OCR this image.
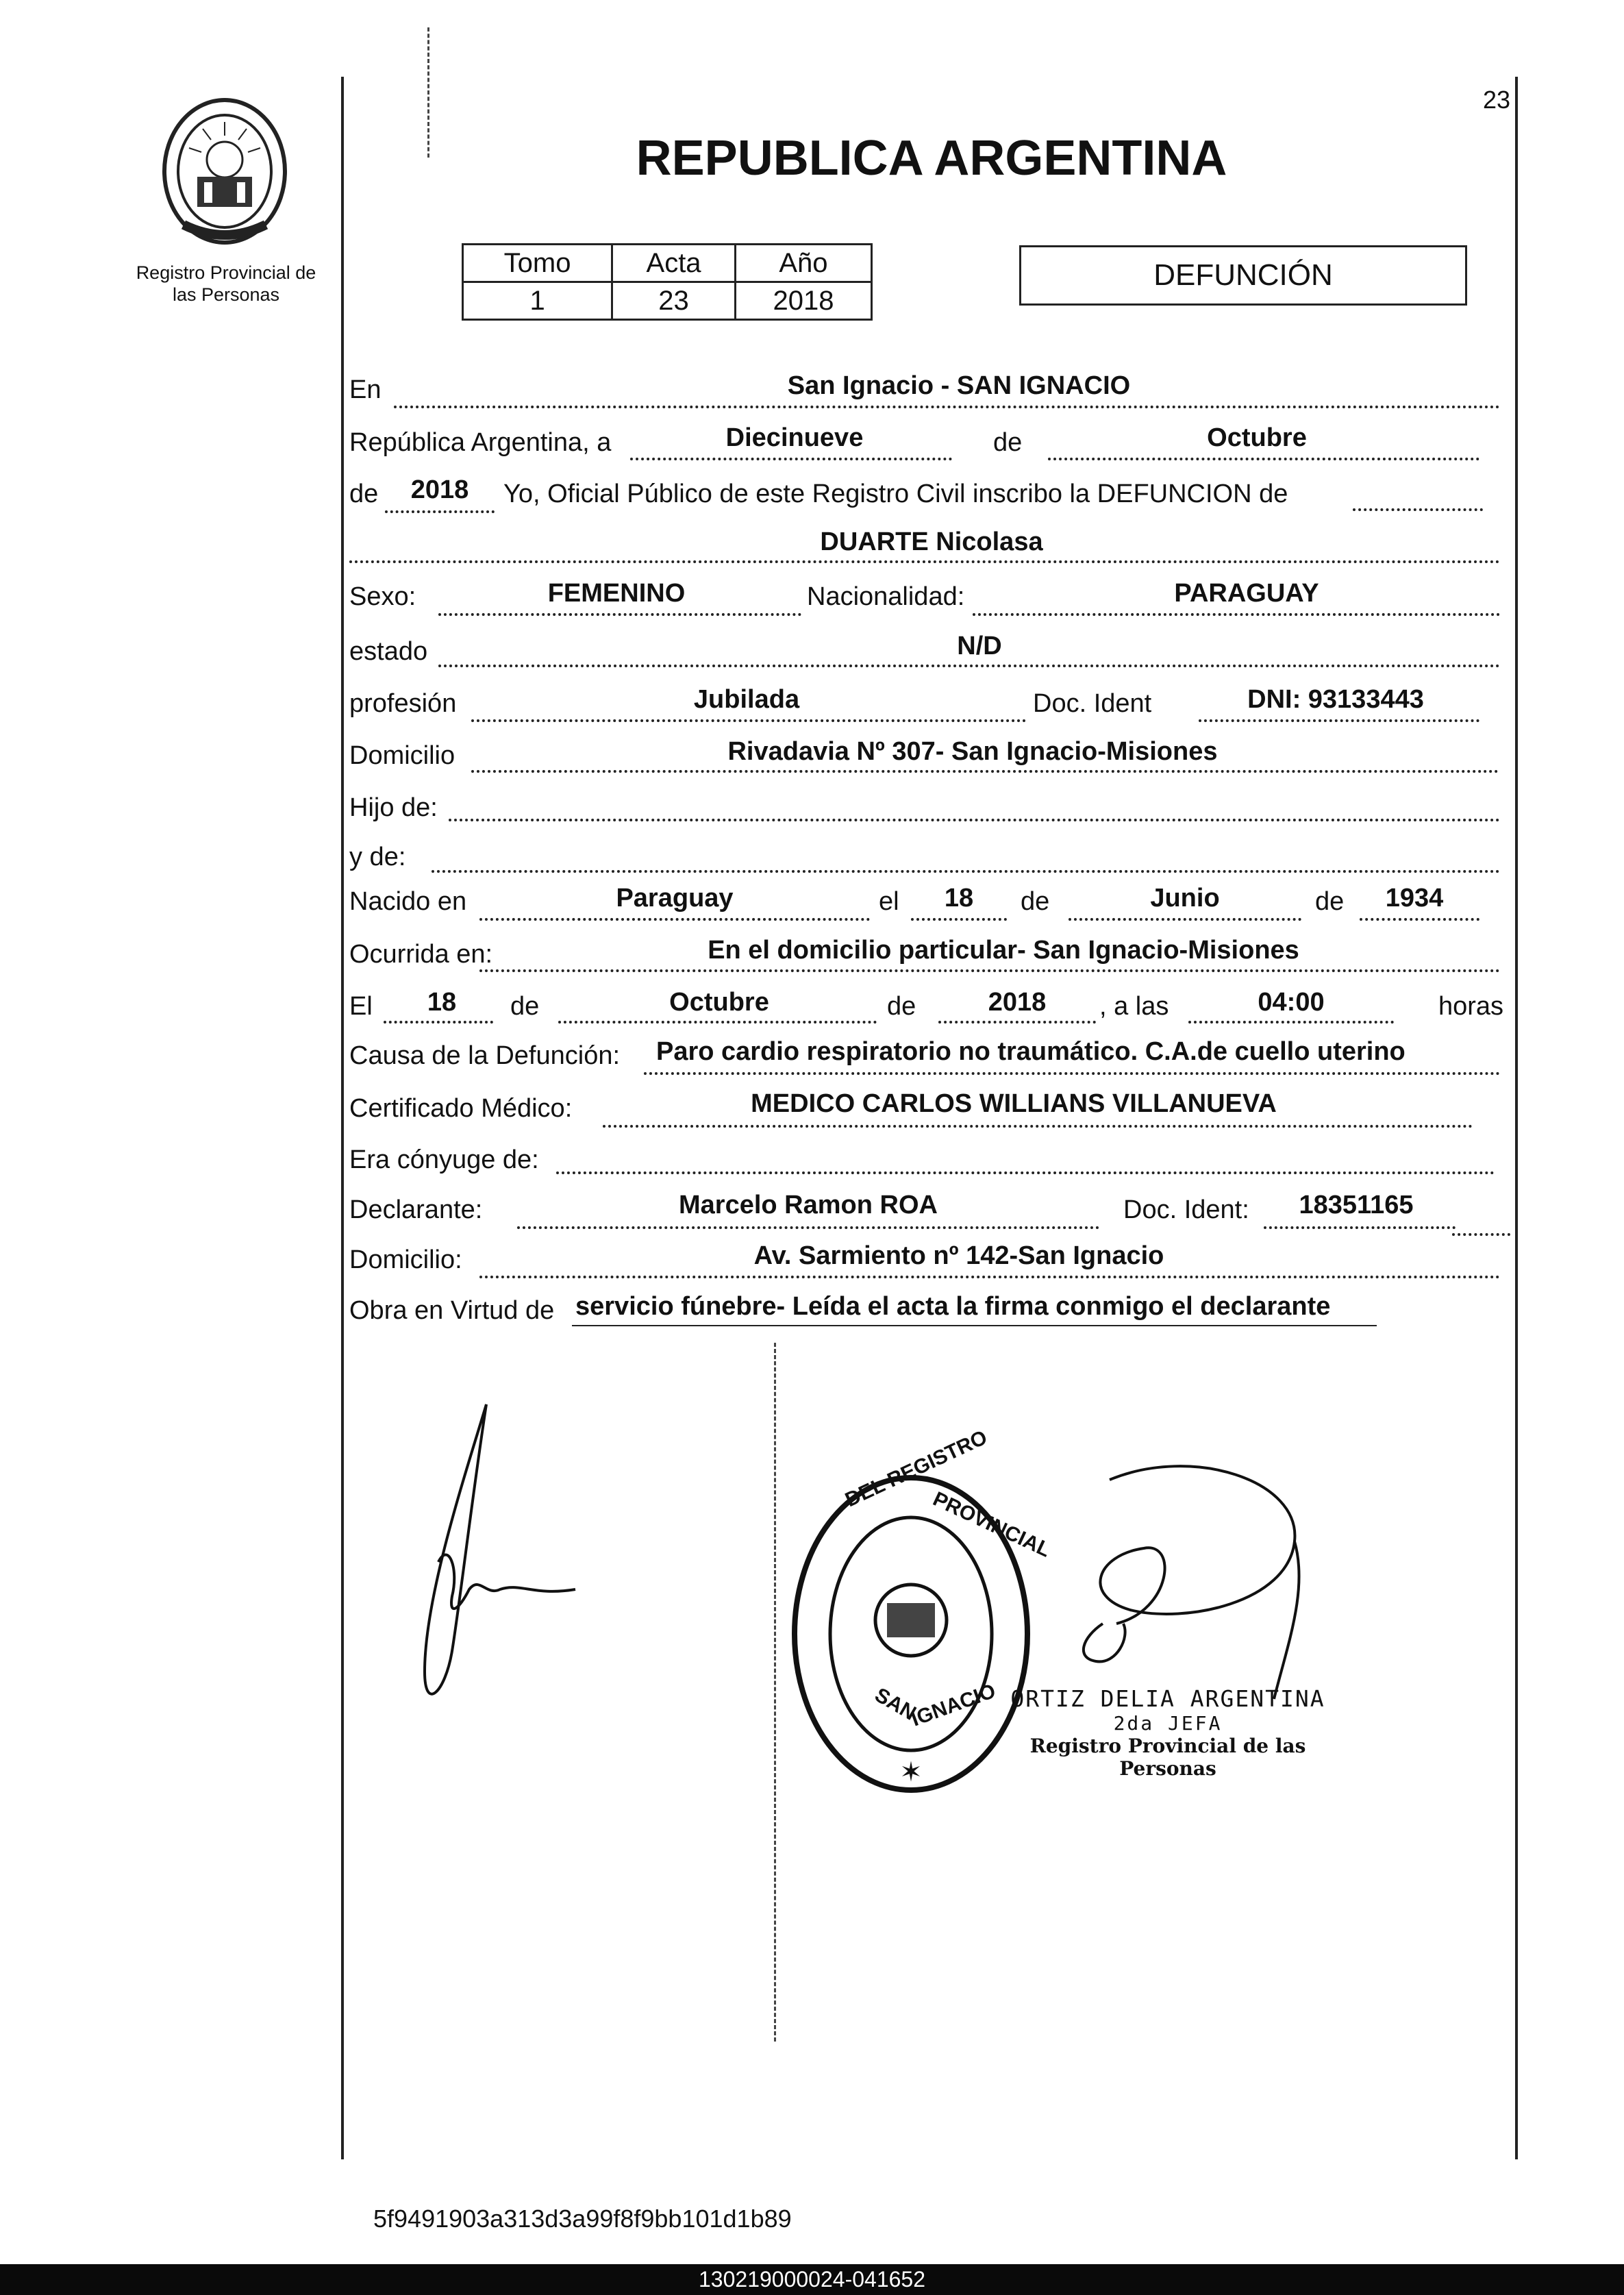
23
Registro Provincial de
las Personas
REPUBLICA ARGENTINA
Tomo	Acta	Año
1	23	2018
DEFUNCIÓN
En	San Ignacio - SAN IGNACIO
República Argentina, a	Diecinueve	de	Octubre
de	2018	Yo, Oficial Público de este Registro Civil inscribo la DEFUNCION de
DUARTE Nicolasa
Sexo:	FEMENINO	Nacionalidad:	PARAGUAY
estado	N/D
profesión	Jubilada	Doc. Ident	DNI: 93133443
Domicilio	Rivadavia Nº 307- San Ignacio-Misiones
Hijo de:
y de:
Nacido en	Paraguay	el	18	de	Junio	de	1934
Ocurrida en:	En el domicilio particular- San Ignacio-Misiones
El	18	de	Octubre	de	2018	, a las	04:00	horas
Causa de la Defunción: Paro cardio respiratorio no traumático. C.A.de cuello uterino
Certificado Médico:	MEDICO CARLOS WILLIANS VILLANUEVA
Era cónyuge de:
Declarante:	Marcelo Ramon ROA	Doc. Ident:	18351165
Domicilio:	Av. Sarmiento nº 142-San Ignacio
Obra en Virtud de servicio fúnebre- Leída el acta la firma conmigo el declarante
DEL REGISTRO
PROVINCIAL
SAN
IGNACIO
✶
ORTIZ DELIA ARGENTINA
2da JEFA
Registro Provincial de las Personas
5f9491903a313d3a99f8f9bb101d1b89
130219000024-041652
